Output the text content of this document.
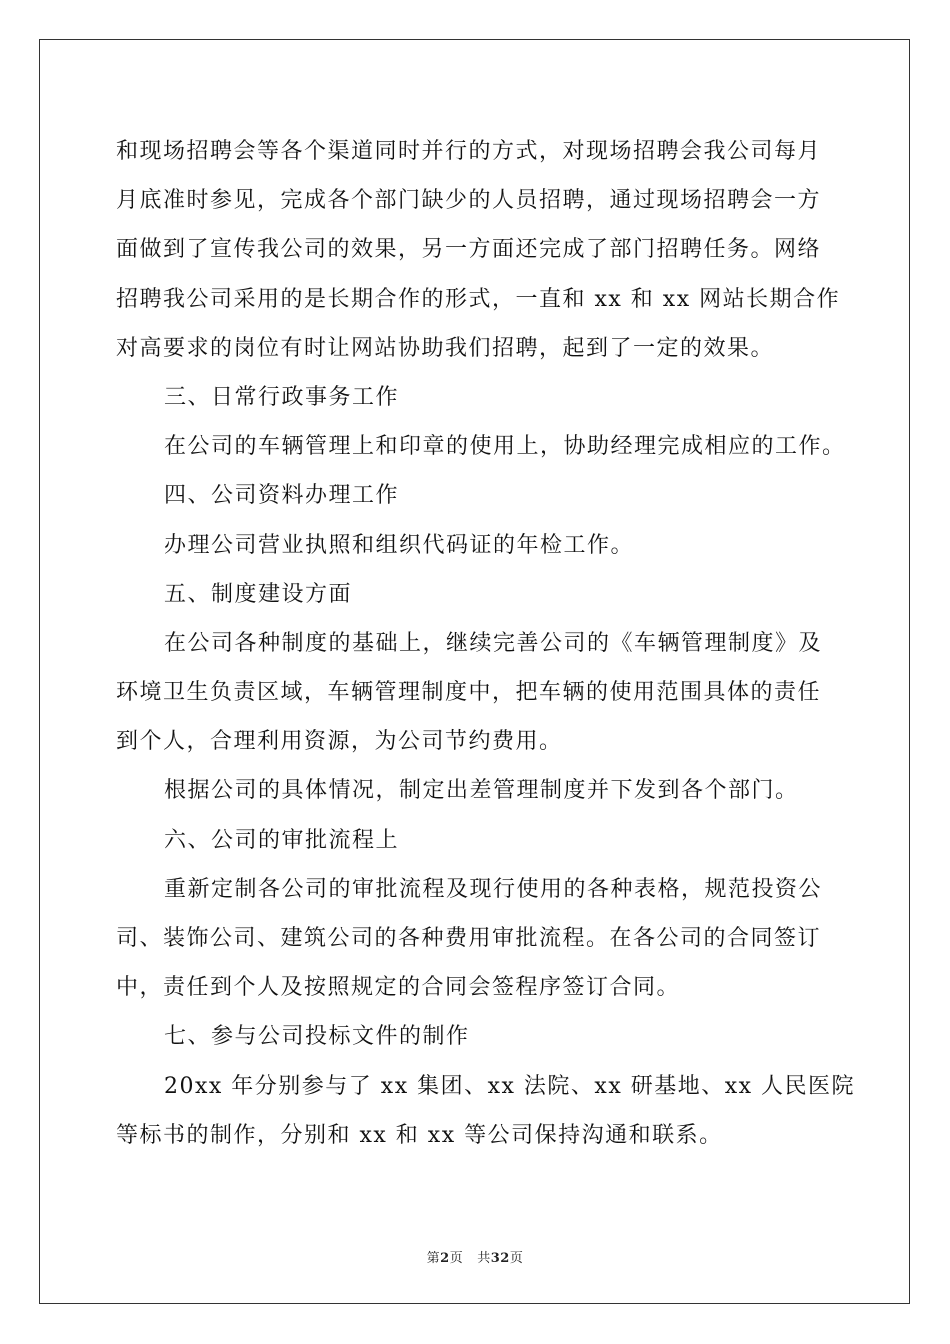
和现场招聘会等各个渠道同时并行的方式，对现场招聘会我公司每月
月底准时参见，完成各个部门缺少的人员招聘，通过现场招聘会一方
面做到了宣传我公司的效果，另一方面还完成了部门招聘任务。网络
招聘我公司采用的是长期合作的形式，一直和 xx 和 xx 网站长期合作
对高要求的岗位有时让网站协助我们招聘，起到了一定的效果。
三、日常行政事务工作
在公司的车辆管理上和印章的使用上，协助经理完成相应的工作。
四、公司资料办理工作
办理公司营业执照和组织代码证的年检工作。
五、制度建设方面
在公司各种制度的基础上，继续完善公司的《车辆管理制度》及
环境卫生负责区域，车辆管理制度中，把车辆的使用范围具体的责任
到个人，合理利用资源，为公司节约费用。
根据公司的具体情况，制定出差管理制度并下发到各个部门。
六、公司的审批流程上
重新定制各公司的审批流程及现行使用的各种表格，规范投资公
司、装饰公司、建筑公司的各种费用审批流程。在各公司的合同签订
中，责任到个人及按照规定的合同会签程序签订合同。
七、参与公司投标文件的制作
20xx 年分别参与了 xx 集团、xx 法院、xx 研基地、xx 人民医院
等标书的制作，分别和 xx 和 xx 等公司保持沟通和联系。
第2页 共32页
